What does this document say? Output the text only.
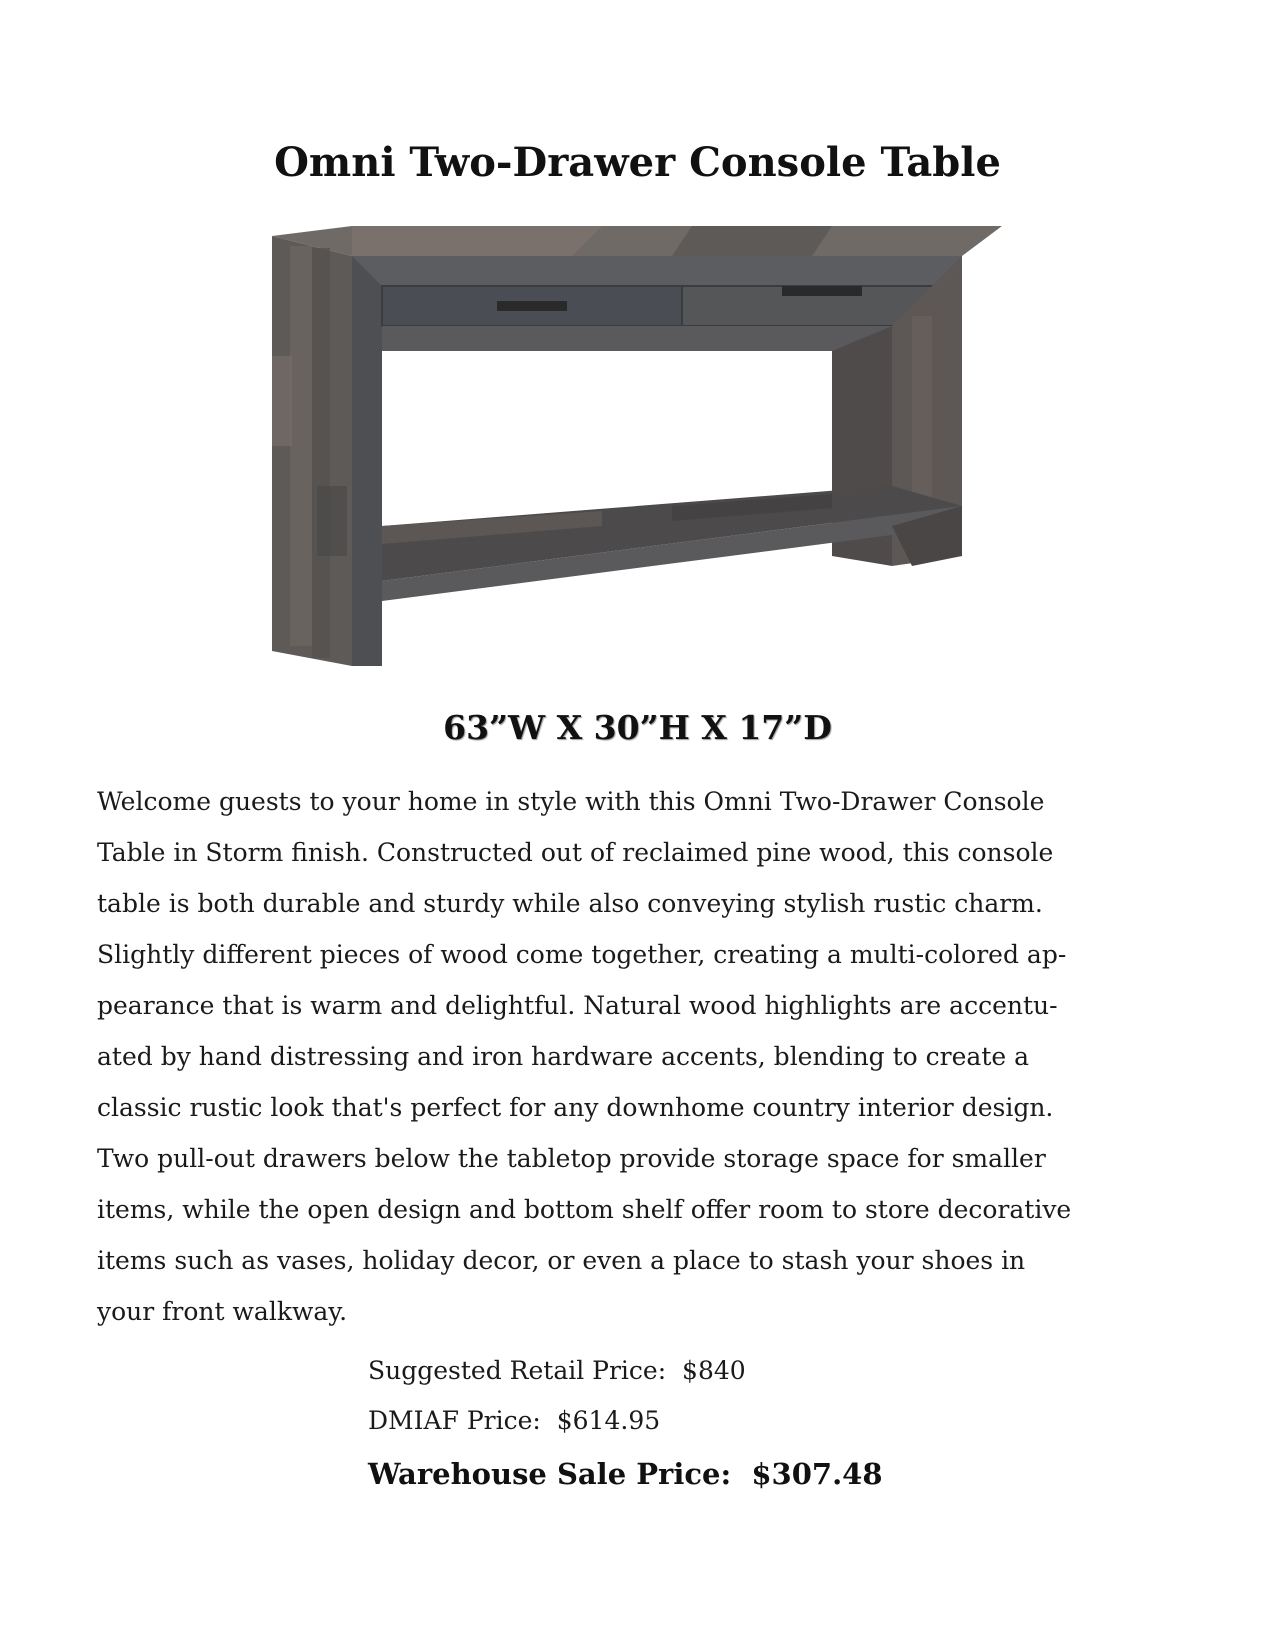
Omni Two-Drawer Console Table
63”W X 30”H X 17”D

Welcome guests to your home in style with this Omni Two-Drawer Console
Table in Storm finish. Constructed out of reclaimed pine wood, this console
table is both durable and sturdy while also conveying stylish rustic charm.
Slightly different pieces of wood come together, creating a multi-colored ap-
pearance that is warm and delightful. Natural wood highlights are accentu-
ated by hand distressing and iron hardware accents, blending to create a
classic rustic look that's perfect for any downhome country interior design.
Two pull-out drawers below the tabletop provide storage space for smaller
items, while the open design and bottom shelf offer room to store decorative
items such as vases, holiday decor, or even a place to stash your shoes in
your front walkway.

Suggested Retail Price:  $840
DMIAF Price:  $614.95
Warehouse Sale Price:  $307.48
